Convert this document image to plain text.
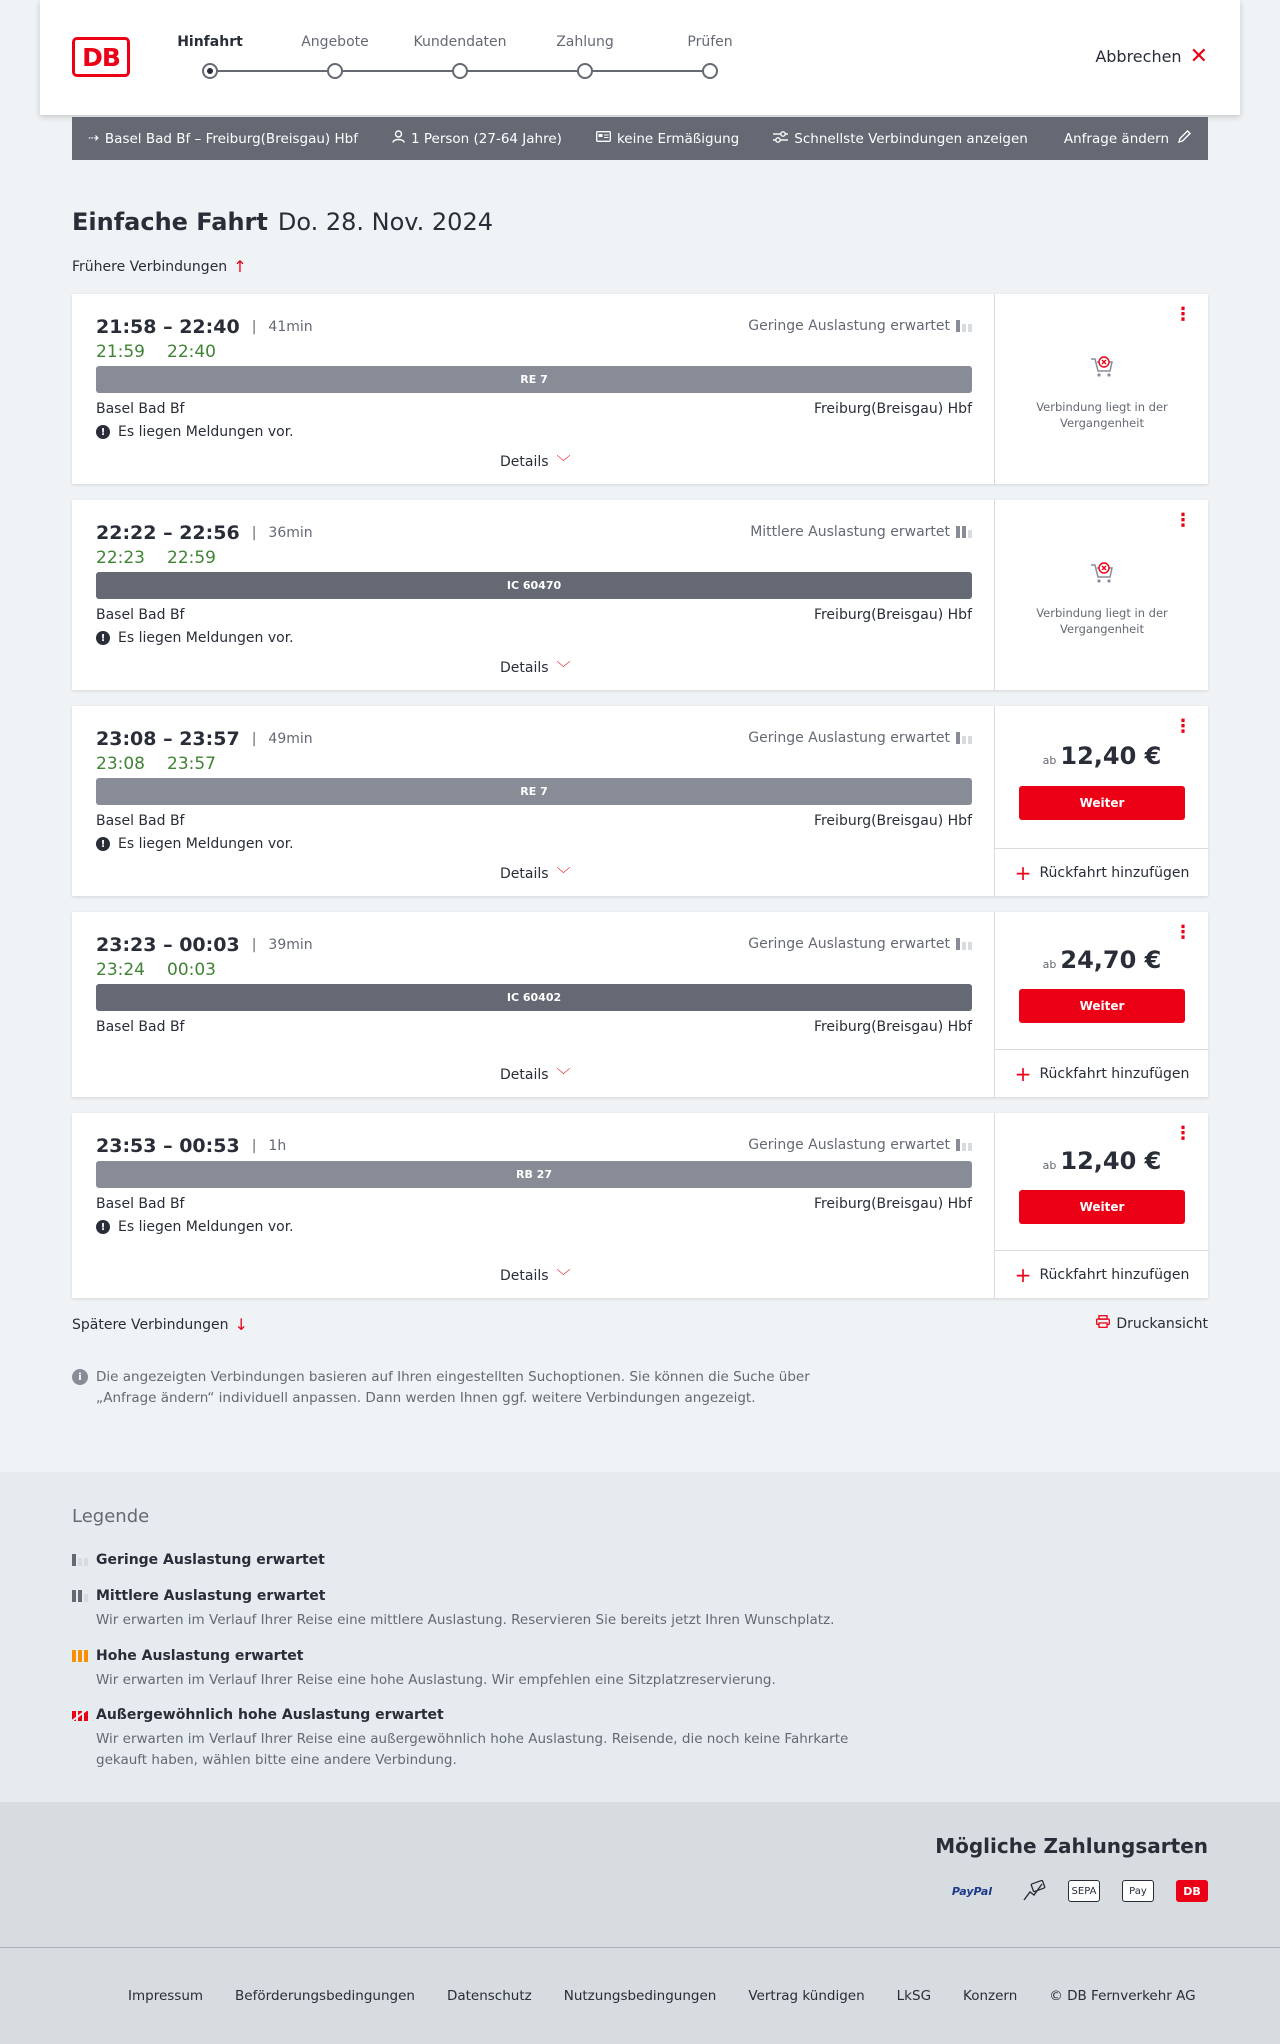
DB
Hinfahrt	Angebote	Kundendaten	Zahlung	Prüfen
Abbrechen ✕
⇢ Basel Bad Bf – Freiburg(Breisgau) Hbf	1 Person (27-64 Jahre)	keine Ermäßigung	Schnellste Verbindungen anzeigen	Anfrage ändern
Einfache Fahrt Do. 28. Nov. 2024
Frühere Verbindungen ↑
21:58 – 22:40 | 41min
21:59 22:40
Geringe Auslastung erwartet
RE 7
Basel Bad Bf	Freiburg(Breisgau) Hbf
! Es liegen Meldungen vor.
Details ﹀
⋮
Verbindung liegt in der Vergangenheit
22:22 – 22:56 | 36min
22:23 22:59
Mittlere Auslastung erwartet
IC 60470
Basel Bad Bf	Freiburg(Breisgau) Hbf
! Es liegen Meldungen vor.
Details ﹀
⋮
Verbindung liegt in der Vergangenheit
23:08 – 23:57 | 49min
23:08 23:57
Geringe Auslastung erwartet
RE 7
Basel Bad Bf	Freiburg(Breisgau) Hbf
! Es liegen Meldungen vor.
Details ﹀
⋮
ab 12,40 €
Weiter
+ Rückfahrt hinzufügen
23:23 – 00:03 | 39min
23:24 00:03
Geringe Auslastung erwartet
IC 60402
Basel Bad Bf	Freiburg(Breisgau) Hbf
Details ﹀
⋮
ab 24,70 €
Weiter
+ Rückfahrt hinzufügen
23:53 – 00:53 | 1h	Geringe Auslastung erwartet
RB 27
Basel Bad Bf	Freiburg(Breisgau) Hbf
! Es liegen Meldungen vor.
Details ﹀
⋮
ab 12,40 €
Weiter
+ Rückfahrt hinzufügen
Spätere Verbindungen ↓	Druckansicht
i	Die angezeigten Verbindungen basieren auf Ihren eingestellten Suchoptionen. Sie können die Suche über „Anfrage ändern“ individuell anpassen. Dann werden Ihnen ggf. weitere Verbindungen angezeigt.
Legende
Geringe Auslastung erwartet
Mittlere Auslastung erwartet
Wir erwarten im Verlauf Ihrer Reise eine mittlere Auslastung. Reservieren Sie bereits jetzt Ihren Wunschplatz.
Hohe Auslastung erwartet
Wir erwarten im Verlauf Ihrer Reise eine hohe Auslastung. Wir empfehlen eine Sitzplatzreservierung.
Außergewöhnlich hohe Auslastung erwartet
Wir erwarten im Verlauf Ihrer Reise eine außergewöhnlich hohe Auslastung. Reisende, die noch keine Fahrkarte gekauft haben, wählen bitte eine andere Verbindung.
Mögliche Zahlungsarten
PayPal	SEPA	Pay	DB
Impressum Beförderungsbedingungen Datenschutz Nutzungsbedingungen Vertrag kündigen LkSG Konzern © DB Fernverkehr AG
